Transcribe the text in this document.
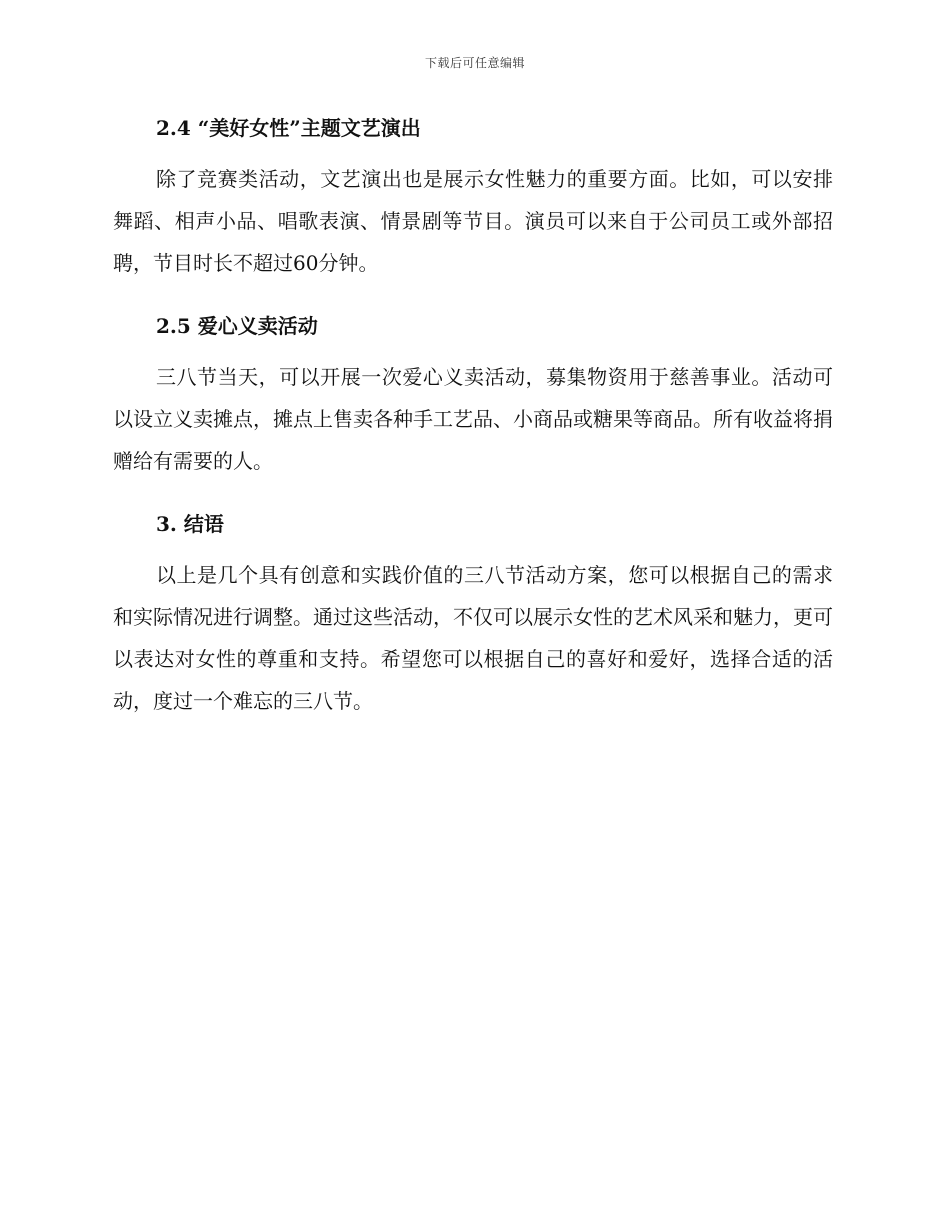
下载后可任意编辑
2.4 “美好女性”主题文艺演出

除了竞赛类活动，文艺演出也是展示女性魅力的重要方面。比如，可以安排舞蹈、相声小品、唱歌表演、情景剧等节目。演员可以来自于公司员工或外部招聘，节目时长不超过60分钟。

2.5 爱心义卖活动

三八节当天，可以开展一次爱心义卖活动，募集物资用于慈善事业。活动可以设立义卖摊点，摊点上售卖各种手工艺品、小商品或糖果等商品。所有收益将捐赠给有需要的人。

3. 结语

以上是几个具有创意和实践价值的三八节活动方案，您可以根据自己的需求和实际情况进行调整。通过这些活动，不仅可以展示女性的艺术风采和魅力，更可以表达对女性的尊重和支持。希望您可以根据自己的喜好和爱好，选择合适的活动，度过一个难忘的三八节。
